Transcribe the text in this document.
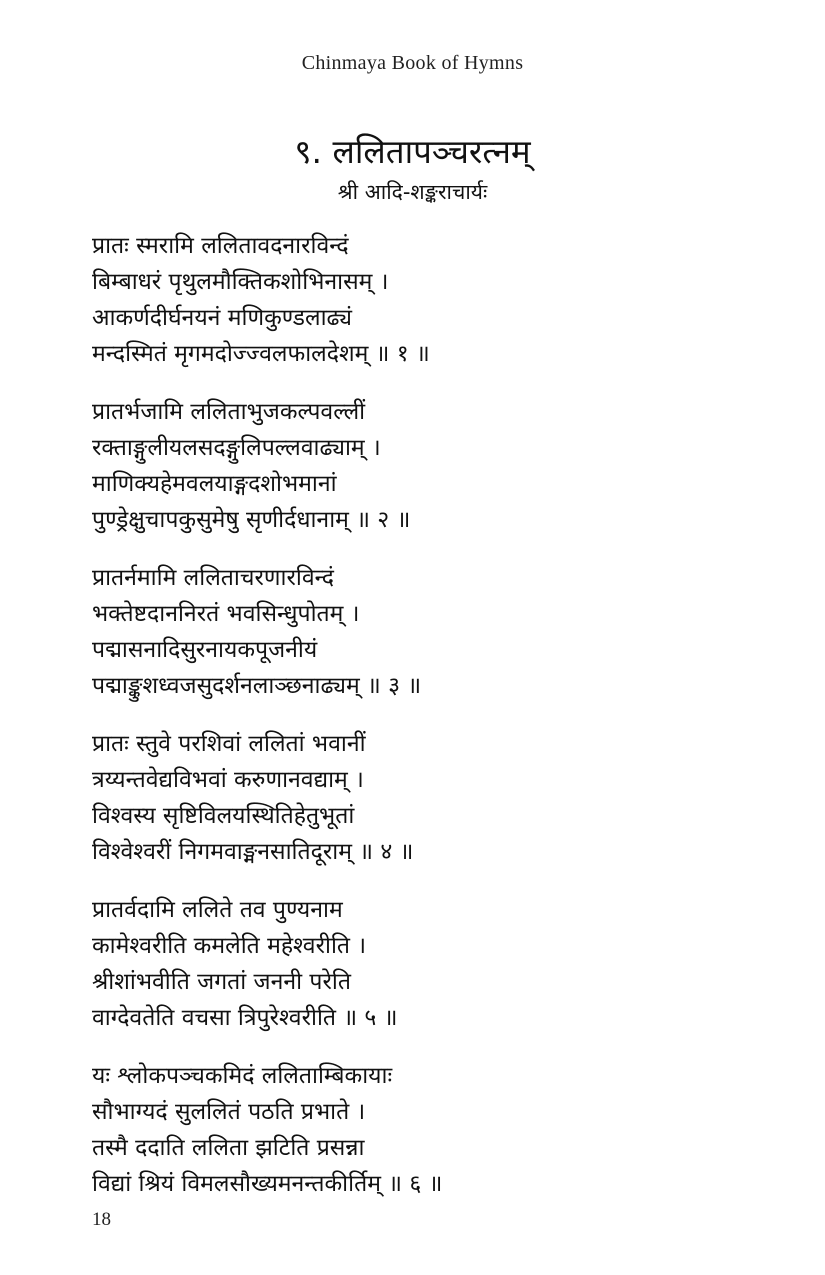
Chinmaya Book of Hymns
९. ललितापञ्चरत्नम्
श्री आदि-शङ्कराचार्यः
प्रातः स्मरामि ललितावदनारविन्दं
बिम्बाधरं पृथुलमौक्तिकशोभिनासम् ।
आकर्णदीर्घनयनं मणिकुण्डलाढ्यं
मन्दस्मितं मृगमदोज्ज्वलफालदेशम् ॥ १ ॥
प्रातर्भजामि ललिताभुजकल्पवल्लीं
रक्ताङ्गुलीयलसदङ्गुलिपल्लवाढ्याम् ।
माणिक्यहेमवलयाङ्गदशोभमानां
पुण्ड्रेक्षुचापकुसुमेषु सृणीर्दधानाम् ॥ २ ॥
प्रातर्नमामि ललिताचरणारविन्दं
भक्तेष्टदाननिरतं भवसिन्धुपोतम् ।
पद्मासनादिसुरनायकपूजनीयं
पद्माङ्कुशध्वजसुदर्शनलाञ्छनाढ्यम् ॥ ३ ॥
प्रातः स्तुवे परशिवां ललितां भवानीं
त्रय्यन्तवेद्यविभवां करुणानवद्याम् ।
विश्वस्य सृष्टिविलयस्थितिहेतुभूतां
विश्वेश्वरीं निगमवाङ्मनसातिदूराम् ॥ ४ ॥
प्रातर्वदामि ललिते तव पुण्यनाम
कामेश्वरीति कमलेति महेश्वरीति ।
श्रीशांभवीति जगतां जननी परेति
वाग्देवतेति वचसा त्रिपुरेश्वरीति ॥ ५ ॥
यः श्लोकपञ्चकमिदं ललिताम्बिकायाः
सौभाग्यदं सुललितं पठति प्रभाते ।
तस्मै ददाति ललिता झटिति प्रसन्ना
विद्यां श्रियं विमलसौख्यमनन्तकीर्तिम् ॥ ६ ॥
18
